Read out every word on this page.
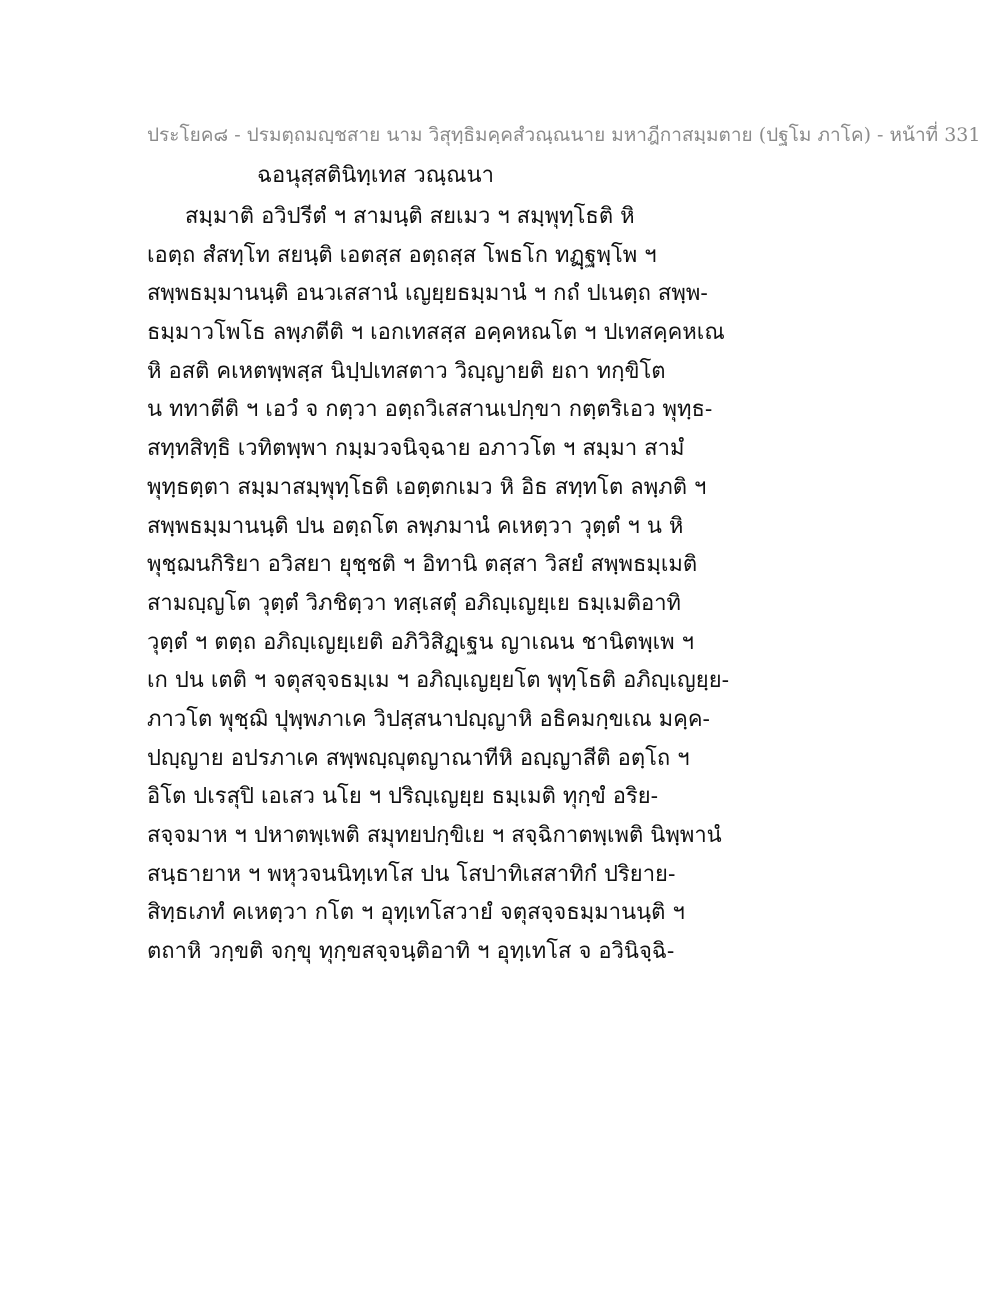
ประโยค๘ - ปรมตฺถมญฺชสาย นาม วิสุทฺธิมคฺคสํวณฺณนาย มหาฎีกาสมฺมตาย (ปฐโม ภาโค) - หน้าที่ 331
ฉอนุสฺสตินิทฺเทส วณฺณนา
สมฺมาติ อวิปรีตํ ฯ สามนฺติ สยเมว ฯ สมฺพุทฺโธติ หิ
เอตฺถ สํสทฺโท สยนฺติ เอตสฺส อตฺถสฺส โพธโก ทฏฺฐพฺโพ ฯ
สพฺพธมฺมานนฺติ อนวเสสานํ เญยฺยธมฺมานํ ฯ กถํ ปเนตฺถ สพฺพ-
ธมฺมาวโพโธ ลพฺภตีติ ฯ เอกเทสสฺส อคฺคหณโต ฯ ปเทสคฺคหเณ
หิ อสติ คเหตพฺพสฺส นิปฺปเทสตาว วิญฺญายติ ยถา ทกฺขิโต
น ททาตีติ ฯ เอวํ จ กตฺวา อตฺถวิเสสานเปกฺขา กตฺตริเอว พุทฺธ-
สทฺทสิทฺธิ เวทิตพฺพา กมฺมวจนิจฺฉาย อภาวโต ฯ สมฺมา สามํ
พุทฺธตฺตา สมฺมาสมฺพุทฺโธติ เอตฺตกเมว หิ อิธ สทฺทโต ลพฺภติ ฯ
สพฺพธมฺมานนฺติ ปน อตฺถโต ลพฺภมานํ คเหตฺวา วุตฺตํ ฯ น หิ
พุชฺฌนกิริยา อวิสยา ยุชฺชติ ฯ อิทานิ ตสฺสา วิสยํ สพฺพธมฺเมติ
สามญฺญโต วุตฺตํ วิภชิตฺวา ทสฺเสตุํ อภิญฺเญยฺเย ธมฺเมติอาทิ
วุตฺตํ ฯ ตตฺถ อภิญฺเญยฺเยติ อภิวิสิฏฺเฐน ญาเณน ชานิตพฺเพ ฯ
เก ปน เตติ ฯ จตุสจฺจธมฺเม ฯ อภิญฺเญยฺยโต พุทฺโธติ อภิญฺเญยฺย-
ภาวโต พุชฺฌิ ปุพฺพภาเค วิปสฺสนาปญฺญาหิ อธิคมกฺขเณ มคฺค-
ปญฺญาย อปรภาเค สพฺพญฺญุตญาณาทีหิ อญฺญาสีติ อตฺโถ ฯ
อิโต ปเรสุปิ เอเสว นโย ฯ ปริญฺเญยฺย ธมฺเมติ ทุกฺขํ อริย-
สจฺจมาห ฯ ปหาตพฺเพติ สมุทยปกฺขิเย ฯ สจฺฉิกาตพฺเพติ นิพฺพานํ
สนฺธายาห ฯ พหุวจนนิทฺเทโส ปน โสปาทิเสสาทิกํ ปริยาย-
สิทฺธเภทํ คเหตฺวา กโต ฯ อุทฺเทโสวายํ จตุสจฺจธมฺมานนฺติ ฯ
ตถาหิ วกฺขติ จกฺขุ ทุกฺขสจฺจนฺติอาทิ ฯ อุทฺเทโส จ อวินิจฺฉิ-
